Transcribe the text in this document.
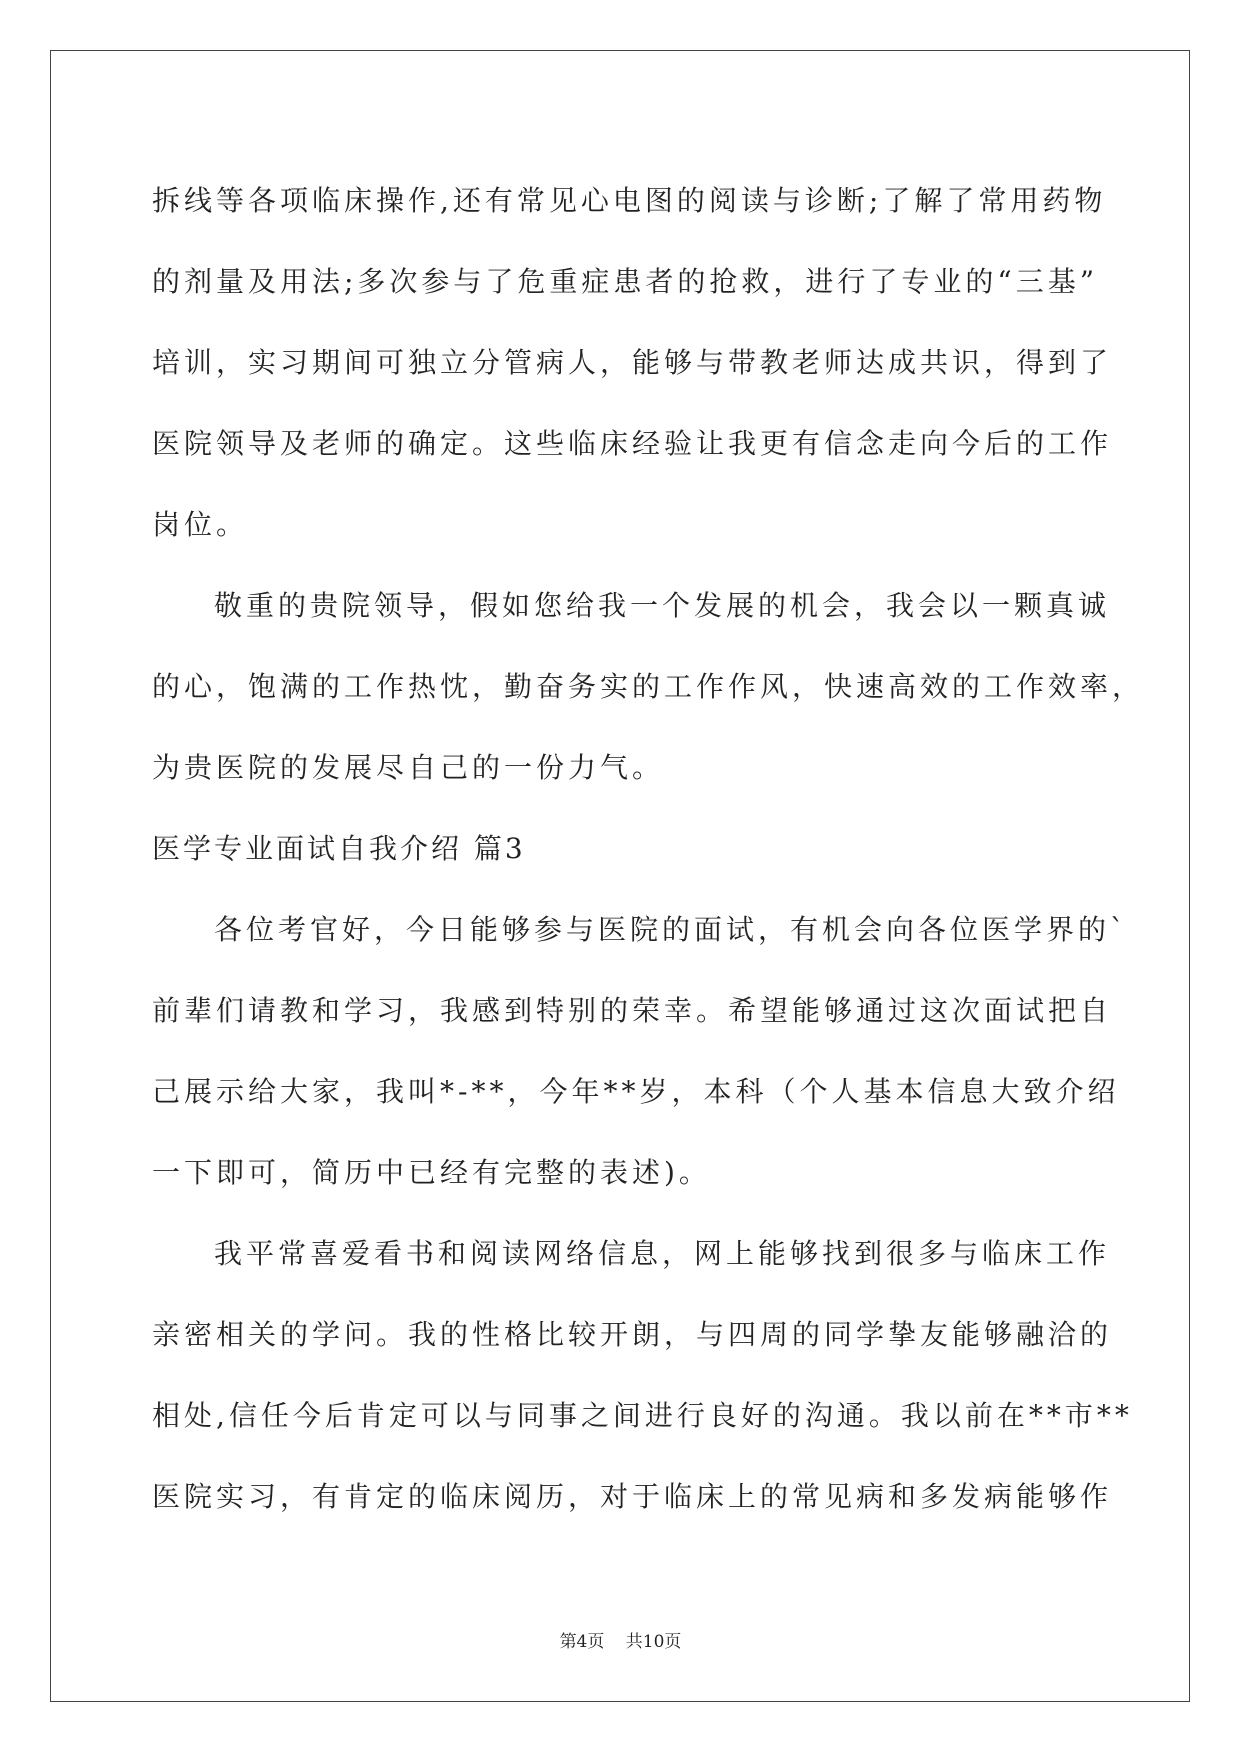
拆线等各项临床操作,还有常见心电图的阅读与诊断;了解了常用药物
的剂量及用法;多次参与了危重症患者的抢救，进行了专业的“三基”
培训，实习期间可独立分管病人，能够与带教老师达成共识，得到了
医院领导及老师的确定。这些临床经验让我更有信念走向今后的工作
岗位。
敬重的贵院领导，假如您给我一个发展的机会，我会以一颗真诚
的心，饱满的工作热忱，勤奋务实的工作作风，快速高效的工作效率，
为贵医院的发展尽自己的一份力气。
医学专业面试自我介绍 篇3
各位考官好，今日能够参与医院的面试，有机会向各位医学界的`
前辈们请教和学习，我感到特别的荣幸。希望能够通过这次面试把自
己展示给大家，我叫*-**，今年**岁，本科（个人基本信息大致介绍
一下即可，简历中已经有完整的表述)。
我平常喜爱看书和阅读网络信息，网上能够找到很多与临床工作
亲密相关的学问。我的性格比较开朗，与四周的同学挚友能够融洽的
相处,信任今后肯定可以与同事之间进行良好的沟通。我以前在**市**
医院实习，有肯定的临床阅历，对于临床上的常见病和多发病能够作
第4页 共10页
